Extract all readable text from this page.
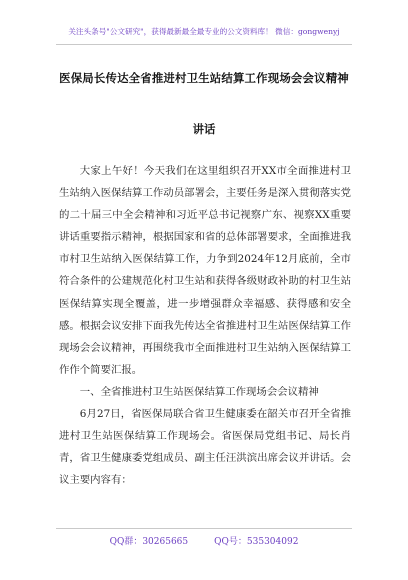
关注头条号"公文研究"，获得最新最全最专业的公文资料库！ 微信：gongwenyj
医保局长传达全省推进村卫生站结算工作现场会会议精神
讲话

大家上午好！今天我们在这里组织召开XX市全面推进村卫生站纳入医保结算工作动员部署会，主要任务是深入贯彻落实党的二十届三中全会精神和习近平总书记视察广东、视察XX重要讲话重要指示精神，根据国家和省的总体部署要求，全面推进我市村卫生站纳入医保结算工作，力争到2024年12月底前，全市符合条件的公建规范化村卫生站和获得各级财政补助的村卫生站医保结算实现全覆盖，进一步增强群众幸福感、获得感和安全感。根据会议安排下面我先传达全省推进村卫生站医保结算工作现场会会议精神，再围绕我市全面推进村卫生站纳入医保结算工作作个简要汇报。

一、全省推进村卫生站医保结算工作现场会会议精神

6月27日，省医保局联合省卫生健康委在韶关市召开全省推进村卫生站医保结算工作现场会。省医保局党组书记、局长肖青，省卫生健康委党组成员、副主任汪洪滨出席会议并讲话。会议主要内容有：

QQ群：30265665	QQ号：535304092
